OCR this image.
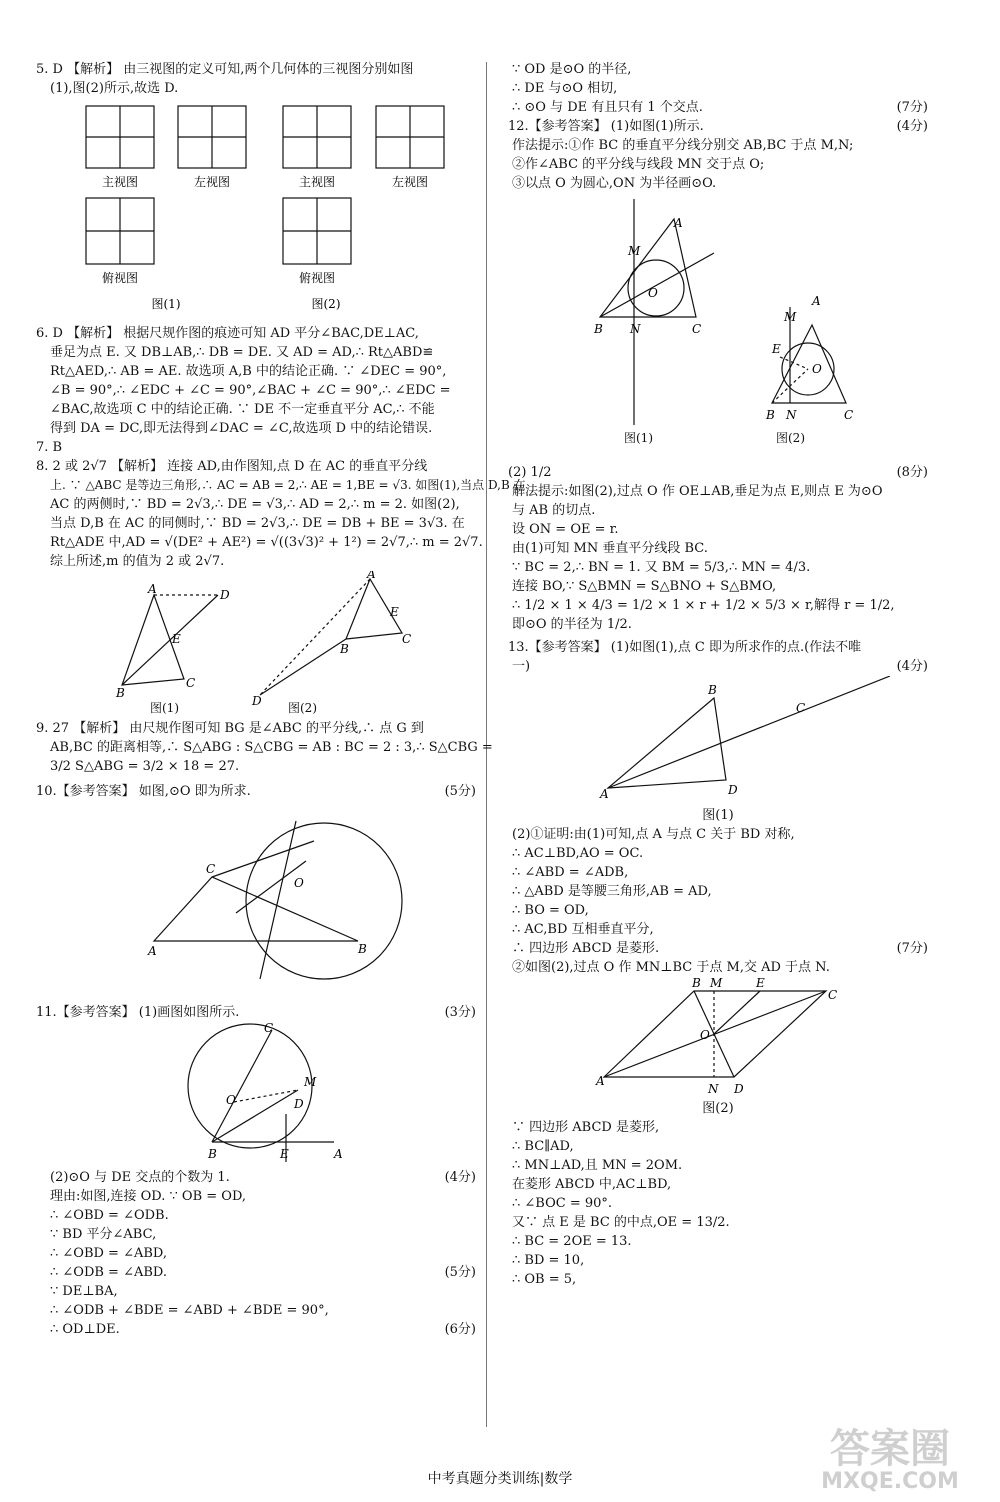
5. D 【解析】 由三视图的定义可知,两个几何体的三视图分别如图
(1),图(2)所示,故选 D.
主视图	左视图	主视图	左视图
俯视图	俯视图
图(1)	图(2)
6. D 【解析】 根据尺规作图的痕迹可知 AD 平分∠BAC,DE⊥AC,
垂足为点 E. 又 DB⊥AB,∴ DB = DE. 又 AD = AD,∴ Rt△ABD≌
Rt△AED,∴ AB = AE. 故选项 A,B 中的结论正确. ∵ ∠DEC = 90°,
∠B = 90°,∴ ∠EDC + ∠C = 90°,∠BAC + ∠C = 90°,∴ ∠EDC =
∠BAC,故选项 C 中的结论正确. ∵ DE 不一定垂直平分 AC,∴ 不能
得到 DA = DC,即无法得到∠DAC = ∠C,故选项 D 中的结论错误.
7. B
8. 2 或 2√7 【解析】 连接 AD,由作图知,点 D 在 AC 的垂直平分线
上. ∵ △ABC 是等边三角形,∴ AC = AB = 2,∴ AE = 1,BE = √3. 如图(1),当点 D,B 在
AC 的两侧时,∵ BD = 2√3,∴ DE = √3,∴ AD = 2,∴ m = 2. 如图(2),
当点 D,B 在 AC 的同侧时,∵ BD = 2√3,∴ DE = DB + BE = 3√3. 在
Rt△ADE 中,AD = √(DE² + AE²) = √((3√3)² + 1²) = 2√7,∴ m = 2√7.
综上所述,m 的值为 2 或 2√7.
A	D
E
B
C
A
E
B
C
D 图(2)
图(1)
9. 27 【解析】 由尺规作图可知 BG 是∠ABC 的平分线,∴ 点 G 到
AB,BC 的距离相等,∴ S△ABG : S△CBG = AB : BC = 2 : 3,∴ S△CBG =
3/2 S△ABG = 3/2 × 18 = 27.
10.【参考答案】 如图,⊙O 即为所求.	(5分)
C
O
A	B
11.【参考答案】 (1)画图如图所示.	(3分)
C
O
M
D
B	E	A
(2)⊙O 与 DE 交点的个数为 1.	(4分)
理由:如图,连接 OD. ∵ OB = OD,
∴ ∠OBD = ∠ODB.
∵ BD 平分∠ABC,
∴ ∠OBD = ∠ABD,
∴ ∠ODB = ∠ABD.	(5分)
∵ DE⊥BA,
∴ ∠ODB + ∠BDE = ∠ABD + ∠BDE = 90°,
∴ OD⊥DE.	(6分)
∵ OD 是⊙O 的半径,
∴ DE 与⊙O 相切,
∴ ⊙O 与 DE 有且只有 1 个交点.	(7分)
12.【参考答案】 (1)如图(1)所示.	(4分)
作法提示:①作 BC 的垂直平分线分别交 AB,BC 于点 M,N;
②作∠ABC 的平分线与线段 MN 交于点 O;
③以点 O 为圆心,ON 为半径画⊙O.
A
M
O
B N	C
A
M
E
O
B N	C
图(1)	图(2)
(2) 1/2	(8分)
解法提示:如图(2),过点 O 作 OE⊥AB,垂足为点 E,则点 E 为⊙O
与 AB 的切点.
设 ON = OE = r.
由(1)可知 MN 垂直平分线段 BC.
∵ BC = 2,∴ BN = 1. 又 BM = 5/3,∴ MN = 4/3.
连接 BO,∵ S△BMN = S△BNO + S△BMO,
∴ 1/2 × 1 × 4/3 = 1/2 × 1 × r + 1/2 × 5/3 × r,解得 r = 1/2,
即⊙O 的半径为 1/2.
13.【参考答案】 (1)如图(1),点 C 即为所求作的点.(作法不唯
一)	(4分)
B
A	D
C
图(1)
(2)①证明:由(1)可知,点 A 与点 C 关于 BD 对称,
∴ AC⊥BD,AO = OC.
∴ ∠ABD = ∠ADB,
∴ △ABD 是等腰三角形,AB = AD,
∴ BO = OD,
∴ AC,BD 互相垂直平分,
∴ 四边形 ABCD 是菱形.	(7分)
②如图(2),过点 O 作 MN⊥BC 于点 M,交 AD 于点 N.
B M	E
C
O
A
N D
图(2)
∵ 四边形 ABCD 是菱形,
∴ BC∥AD,
∴ MN⊥AD,且 MN = 2OM.
在菱形 ABCD 中,AC⊥BD,
∴ ∠BOC = 90°.
又∵ 点 E 是 BC 的中点,OE = 13/2.
∴ BC = 2OE = 13.
∴ BD = 10,
∴ OB = 5,
中考真题分类训练|数学
答案圈
MXQE.COM
